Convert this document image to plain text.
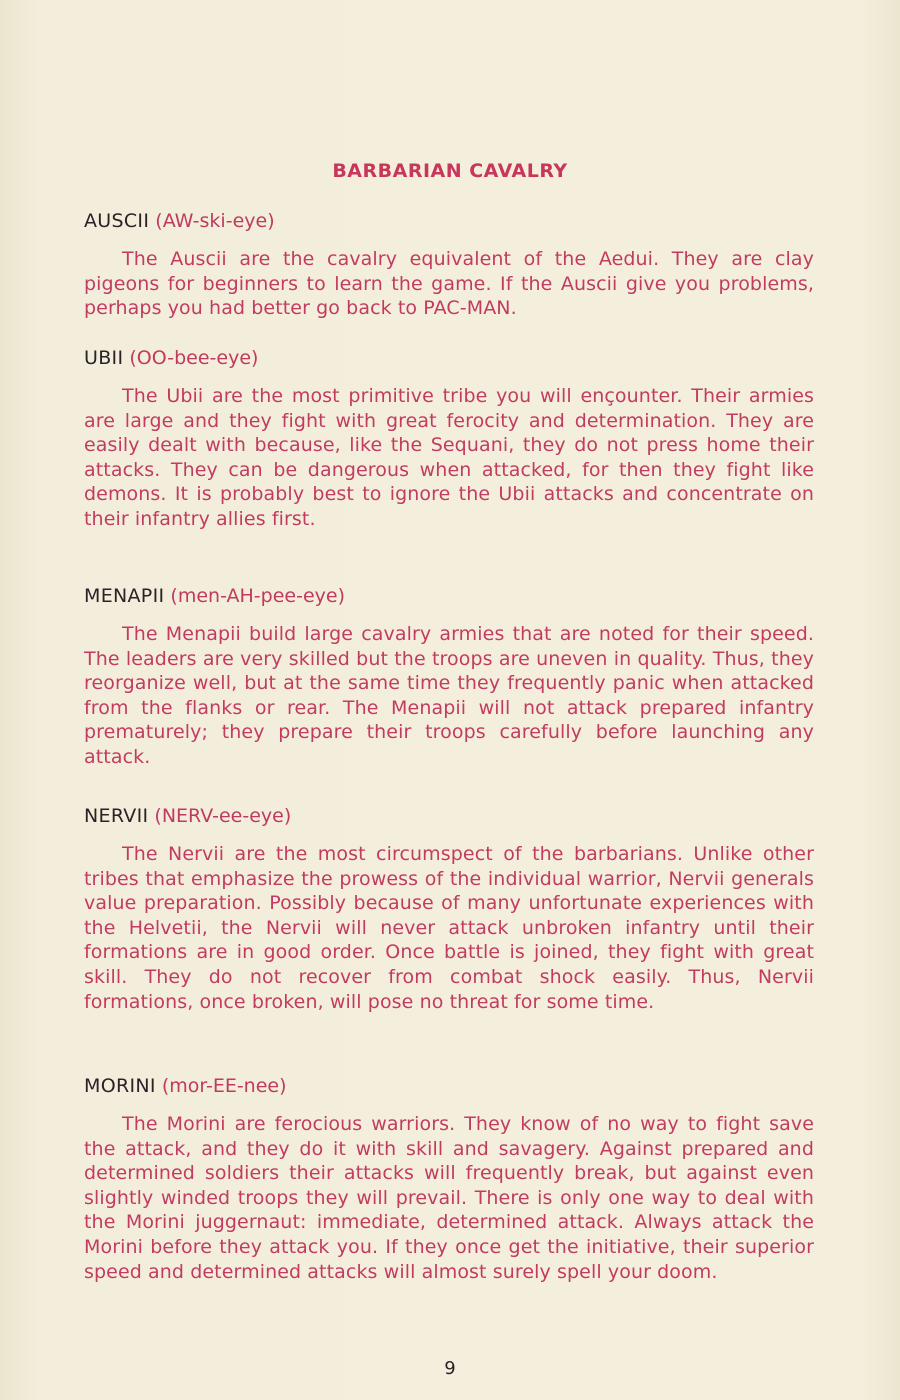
BARBARIAN CAVALRY

AUSCII (AW-ski-eye)

The Auscii are the cavalry equivalent of the Aedui. They are clay pigeons for beginners to learn the game. If the Auscii give you problems, perhaps you had better go back to PAC-MAN.

UBII (OO-bee-eye)

The Ubii are the most primitive tribe you will ençounter. Their armies are large and they fight with great ferocity and determination. They are easily dealt with because, like the Sequani, they do not press home their attacks. They can be dangerous when attacked, for then they fight like demons. It is probably best to ignore the Ubii attacks and concentrate on their infantry allies first.

MENAPII (men-AH-pee-eye)

The Menapii build large cavalry armies that are noted for their speed. The leaders are very skilled but the troops are uneven in quality. Thus, they reorganize well, but at the same time they frequently panic when attacked from the flanks or rear. The Menapii will not attack prepared infantry prematurely; they prepare their troops carefully before launching any attack.

NERVII (NERV-ee-eye)

The Nervii are the most circumspect of the barbarians. Unlike other tribes that emphasize the prowess of the individual warrior, Nervii generals value preparation. Possibly because of many unfortunate experiences with the Helvetii, the Nervii will never attack unbroken infantry until their formations are in good order. Once battle is joined, they fight with great skill. They do not recover from combat shock easily. Thus, Nervii formations, once broken, will pose no threat for some time.

MORINI (mor-EE-nee)

The Morini are ferocious warriors. They know of no way to fight save the attack, and they do it with skill and savagery. Against prepared and determined soldiers their attacks will frequently break, but against even slightly winded troops they will prevail. There is only one way to deal with the Morini juggernaut: immediate, determined attack. Always attack the Morini before they attack you. If they once get the initiative, their superior speed and determined attacks will almost surely spell your doom.

9
